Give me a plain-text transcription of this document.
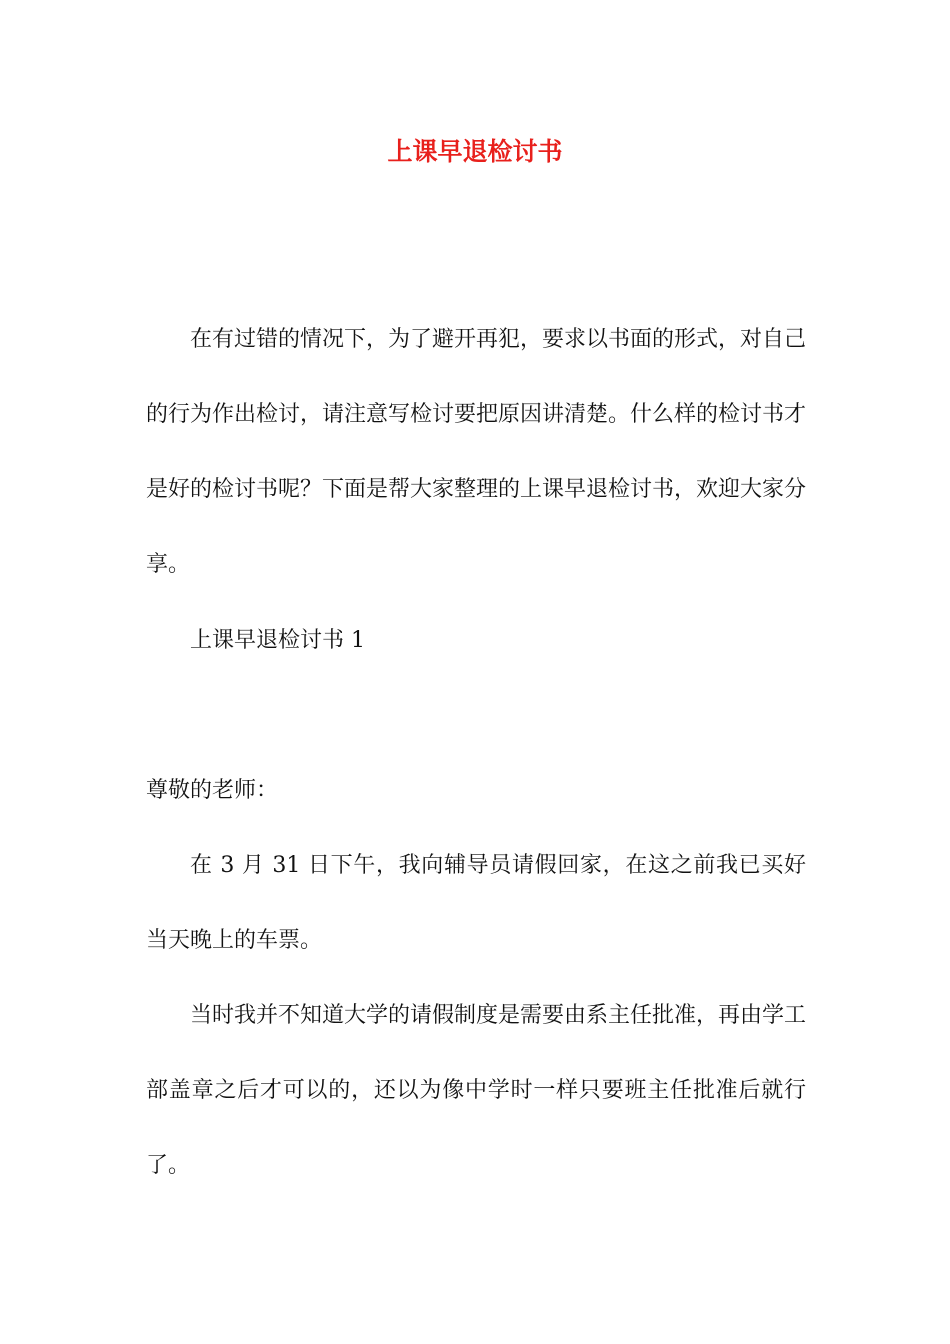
上课早退检讨书

在有过错的情况下，为了避开再犯，要求以书面的形式，对自己的行为作出检讨，请注意写检讨要把原因讲清楚。什么样的检讨书才是好的检讨书呢？下面是帮大家整理的上课早退检讨书，欢迎大家分享。

上课早退检讨书 1

尊敬的老师：

在 3 月 31 日下午，我向辅导员请假回家，在这之前我已买好当天晚上的车票。

当时我并不知道大学的请假制度是需要由系主任批准，再由学工部盖章之后才可以的，还以为像中学时一样只要班主任批准后就行了。
